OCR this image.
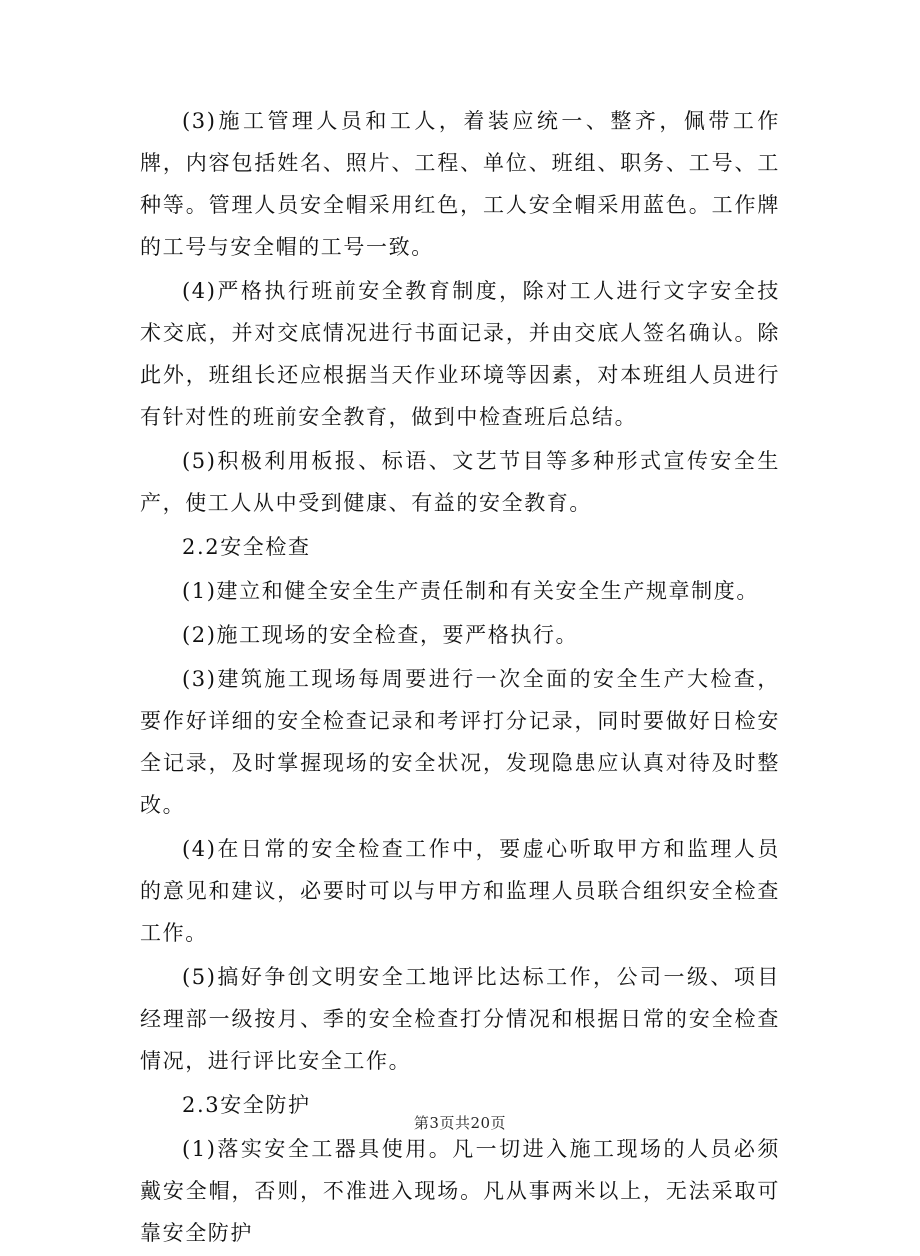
(3)施工管理人员和工人，着装应统一、整齐，佩带工作牌，内容包括姓名、照片、工程、单位、班组、职务、工号、工种等。管理人员安全帽采用红色，工人安全帽采用蓝色。工作牌的工号与安全帽的工号一致。

(4)严格执行班前安全教育制度，除对工人进行文字安全技术交底，并对交底情况进行书面记录，并由交底人签名确认。除此外，班组长还应根据当天作业环境等因素，对本班组人员进行有针对性的班前安全教育，做到中检查班后总结。

(5)积极利用板报、标语、文艺节目等多种形式宣传安全生产，使工人从中受到健康、有益的安全教育。

2.2安全检查

(1)建立和健全安全生产责任制和有关安全生产规章制度。

(2)施工现场的安全检查，要严格执行。

(3)建筑施工现场每周要进行一次全面的安全生产大检查，要作好详细的安全检查记录和考评打分记录，同时要做好日检安全记录，及时掌握现场的安全状况，发现隐患应认真对待及时整改。

(4)在日常的安全检查工作中，要虚心听取甲方和监理人员的意见和建议，必要时可以与甲方和监理人员联合组织安全检查工作。

(5)搞好争创文明安全工地评比达标工作，公司一级、项目经理部一级按月、季的安全检查打分情况和根据日常的安全检查情况，进行评比安全工作。

2.3安全防护

(1)落实安全工器具使用。凡一切进入施工现场的人员必须戴安全帽，否则，不准进入现场。凡从事两米以上，无法采取可靠安全防护

第3页共20页
